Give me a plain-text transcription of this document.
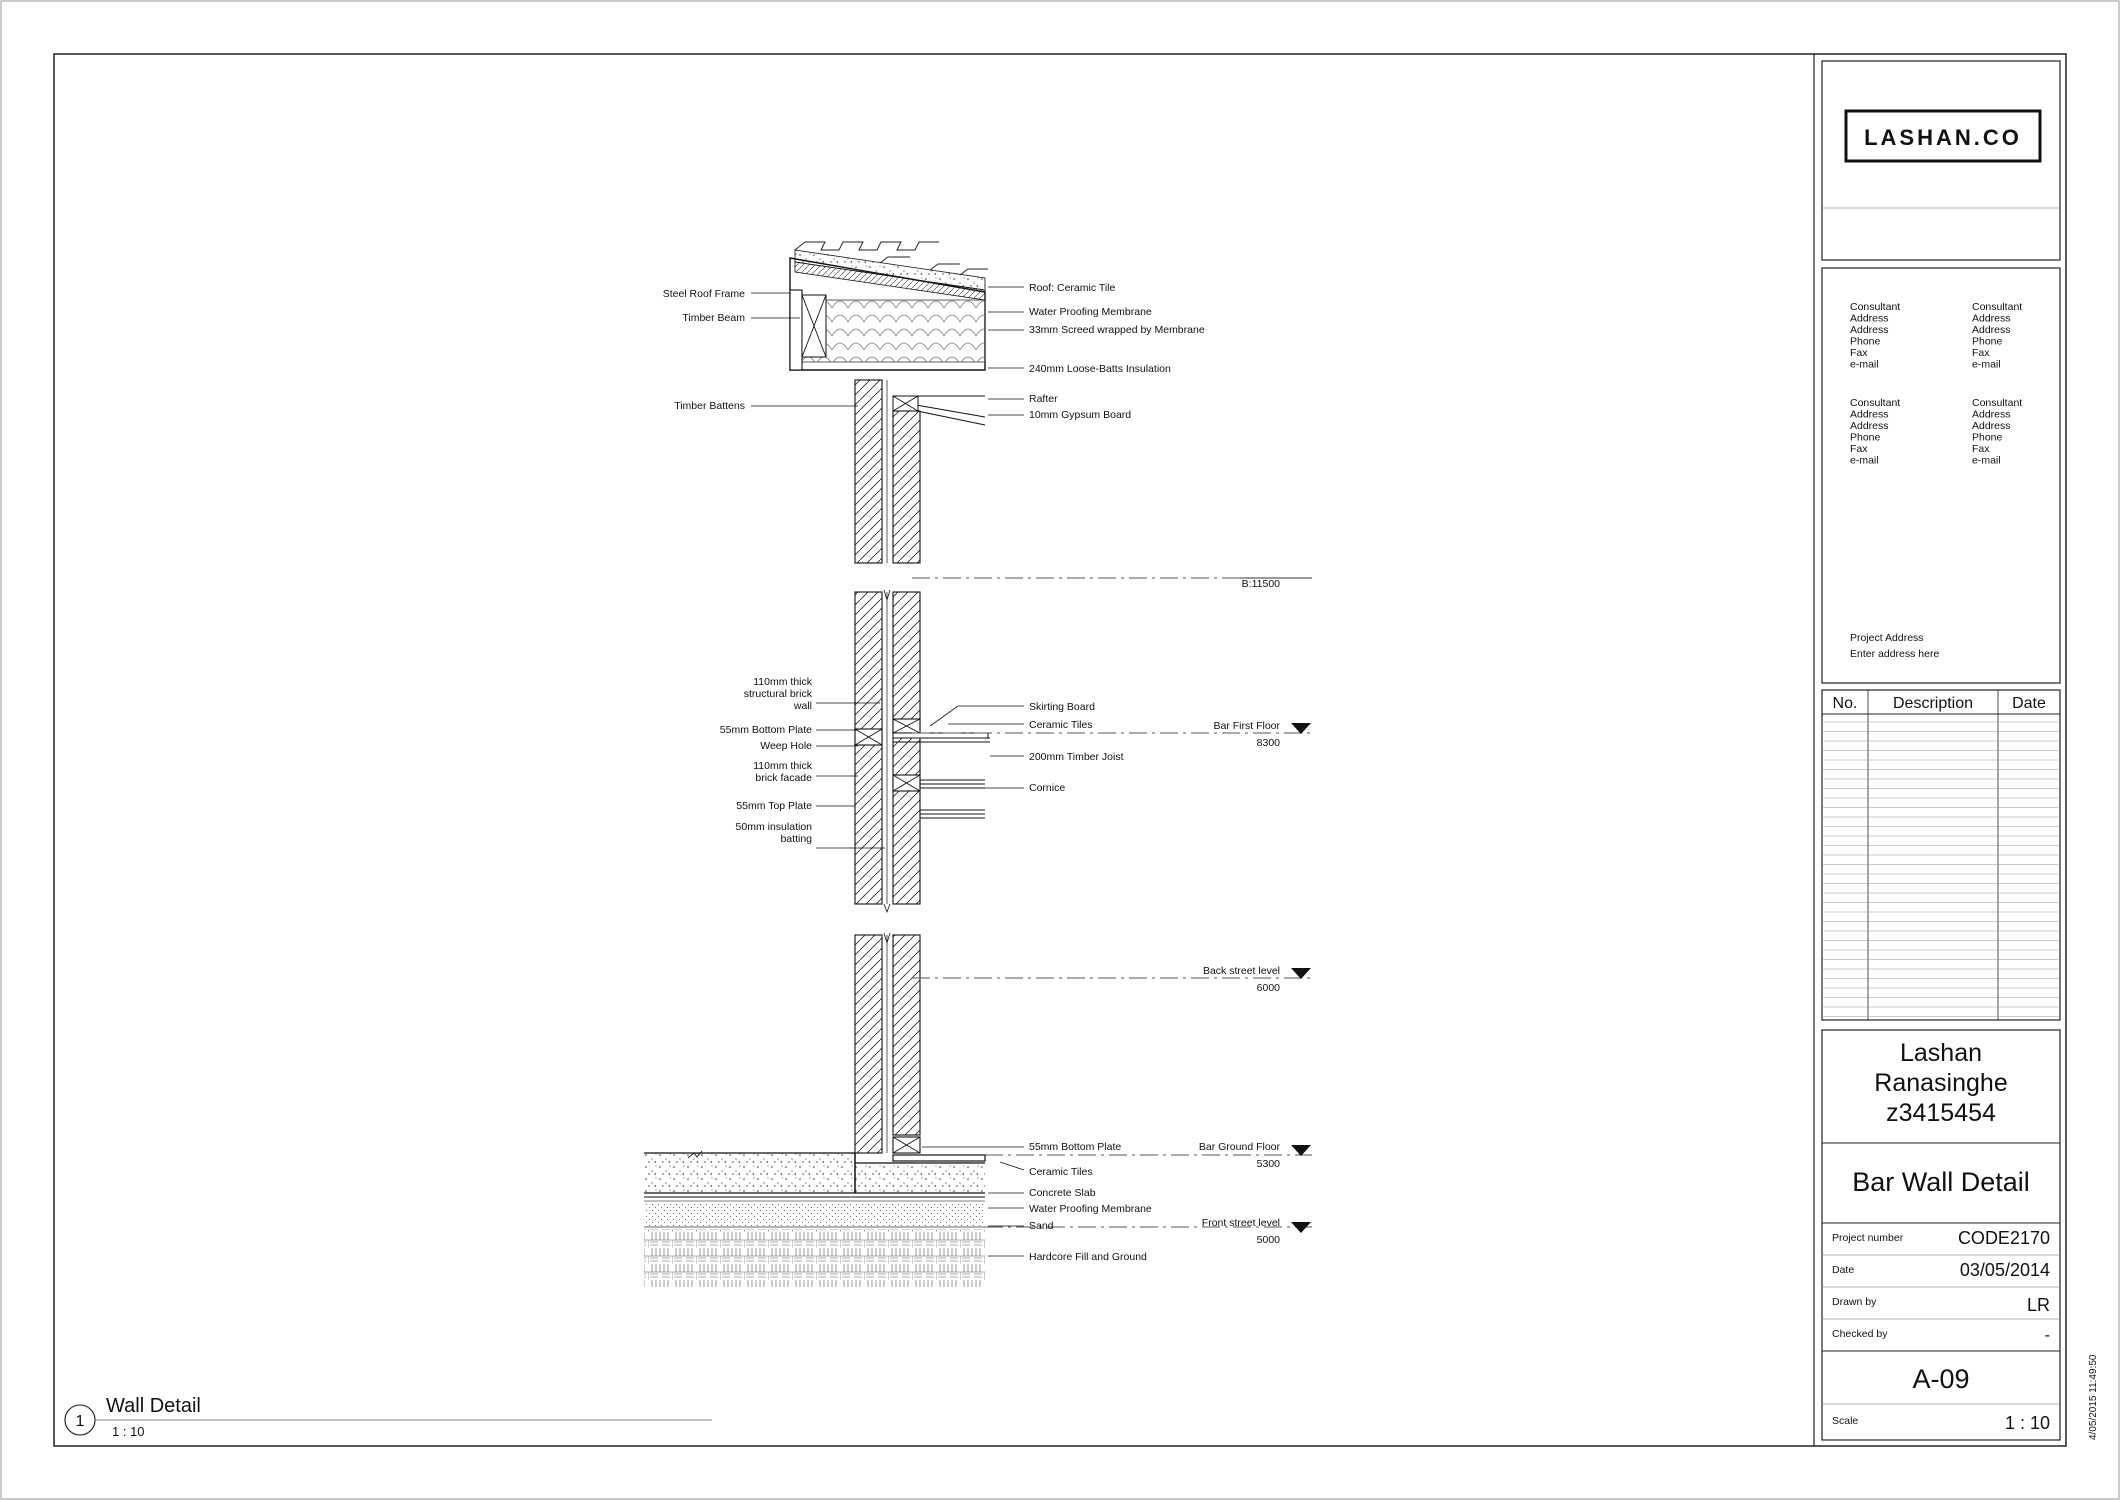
Steel Roof Frame
Timber Beam
Timber Battens
110mm thick structural brick wall
55mm Bottom Plate
Weep Hole
110mm thick brick facade
55mm Top Plate
50mm insulation batting
Roof: Ceramic Tile
Water Proofing Membrane
33mm Screed wrapped by Membrane
240mm Loose-Batts Insulation
Rafter
10mm Gypsum Board
Skirting Board
Ceramic Tiles
200mm Timber Joist
Cornice
55mm Bottom Plate
Ceramic Tiles
Concrete Slab
Water Proofing Membrane
Sand
Hardcore Fill and Ground
B:11500
Bar First Floor
8300
Back street level
6000
Bar Ground Floor
5300
Front street level
5000
1
Wall Detail
1 : 10
LASHAN.CO
Consultant Address Address Phone Fax e-mail
Consultant Address Address Phone Fax e-mail
Consultant Address Address Phone Fax e-mail
Consultant Address Address Phone Fax e-mail
Project Address
Enter address here
No. Description Date
Lashan Ranasinghe z3415454
Bar Wall Detail
Project number	CODE2170
Date	03/05/2014
Drawn by	LR
Checked by	-
A-09
Scale	1 : 10	4/05/2015 11:49:50
